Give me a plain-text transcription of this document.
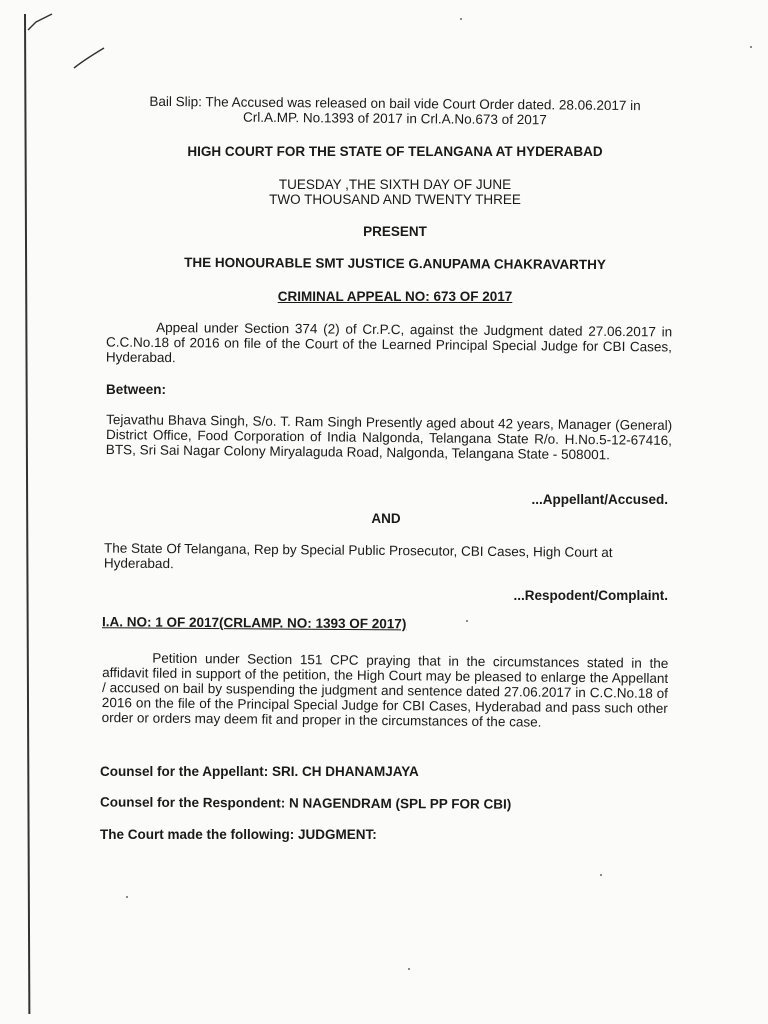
Bail Slip: The Accused was released on bail vide Court Order dated. 28.06.2017 in
Crl.A.MP. No.1393 of 2017 in Crl.A.No.673 of 2017
HIGH COURT FOR THE STATE OF TELANGANA AT HYDERABAD
TUESDAY ,THE SIXTH DAY OF JUNE
TWO THOUSAND AND TWENTY THREE
PRESENT
THE HONOURABLE SMT JUSTICE G.ANUPAMA CHAKRAVARTHY
CRIMINAL APPEAL NO: 673 OF 2017
Appeal under Section 374 (2) of Cr.P.C, against the Judgment dated 27.06.2017 in C.C.No.18 of 2016 on file of the Court of the Learned Principal Special Judge for CBI Cases, Hyderabad.
Between:
Tejavathu Bhava Singh, S/o. T. Ram Singh Presently aged about 42 years, Manager (General) District Office, Food Corporation of India Nalgonda, Telangana State R/o. H.No.5-12-67416, BTS, Sri Sai Nagar Colony Miryalaguda Road, Nalgonda, Telangana State - 508001.
...Appellant/Accused.
AND
The State Of Telangana, Rep by Special Public Prosecutor, CBI Cases, High Court at Hyderabad.
...Respodent/Complaint.
I.A. NO: 1 OF 2017(CRLAMP. NO: 1393 OF 2017)
Petition under Section 151 CPC praying that in the circumstances stated in the affidavit filed in support of the petition, the High Court may be pleased to enlarge the Appellant / accused on bail by suspending the judgment and sentence dated 27.06.2017 in C.C.No.18 of 2016 on the file of the Principal Special Judge for CBI Cases, Hyderabad and pass such other order or orders may deem fit and proper in the circumstances of the case.
Counsel for the Appellant: SRI. CH DHANAMJAYA
Counsel for the Respondent: N NAGENDRAM (SPL PP FOR CBI)
The Court made the following: JUDGMENT:
